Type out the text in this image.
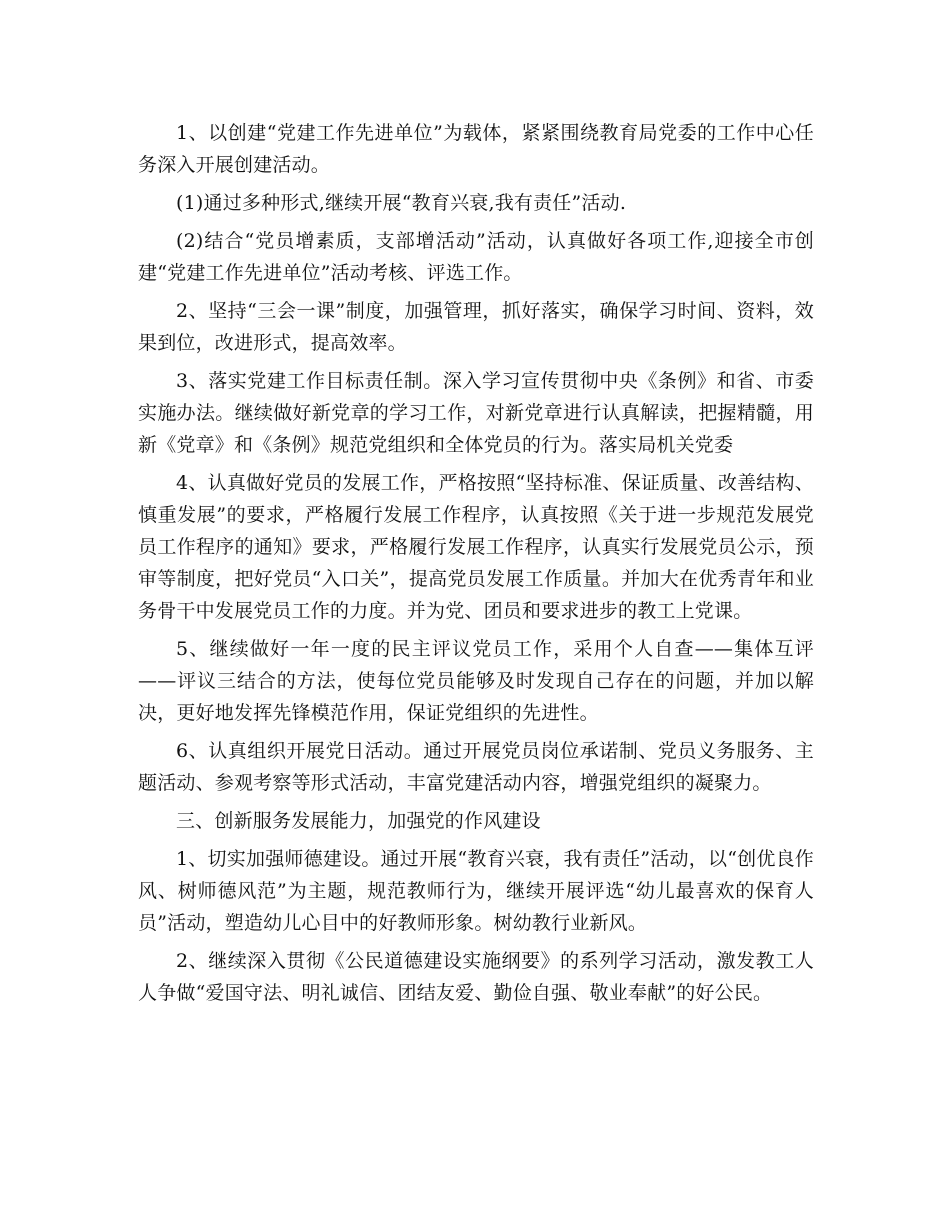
1、以创建“党建工作先进单位”为载体，紧紧围绕教育局党委的工作中心任务深入开展创建活动。

(1)通过多种形式,继续开展“教育兴衰,我有责任”活动.

(2)结合“党员增素质，支部增活动”活动，认真做好各项工作,迎接全市创建“党建工作先进单位”活动考核、评选工作。

2、坚持“三会一课”制度，加强管理，抓好落实，确保学习时间、资料，效果到位，改进形式，提高效率。

3、落实党建工作目标责任制。深入学习宣传贯彻中央《条例》和省、市委实施办法。继续做好新党章的学习工作，对新党章进行认真解读，把握精髓，用新《党章》和《条例》规范党组织和全体党员的行为。落实局机关党委

4、认真做好党员的发展工作，严格按照“坚持标准、保证质量、改善结构、慎重发展”的要求，严格履行发展工作程序，认真按照《关于进一步规范发展党员工作程序的通知》要求，严格履行发展工作程序，认真实行发展党员公示，预审等制度，把好党员“入口关”，提高党员发展工作质量。并加大在优秀青年和业务骨干中发展党员工作的力度。并为党、团员和要求进步的教工上党课。

5、继续做好一年一度的民主评议党员工作，采用个人自查——集体互评——评议三结合的方法，使每位党员能够及时发现自己存在的问题，并加以解决，更好地发挥先锋模范作用，保证党组织的先进性。

6、认真组织开展党日活动。通过开展党员岗位承诺制、党员义务服务、主题活动、参观考察等形式活动，丰富党建活动内容，增强党组织的凝聚力。

三、创新服务发展能力，加强党的作风建设

1、切实加强师德建设。通过开展“教育兴衰，我有责任”活动，以“创优良作风、树师德风范”为主题，规范教师行为，继续开展评选“幼儿最喜欢的保育人员”活动，塑造幼儿心目中的好教师形象。树幼教行业新风。

2、继续深入贯彻《公民道德建设实施纲要》的系列学习活动，激发教工人人争做“爱国守法、明礼诚信、团结友爱、勤俭自强、敬业奉献”的好公民。
